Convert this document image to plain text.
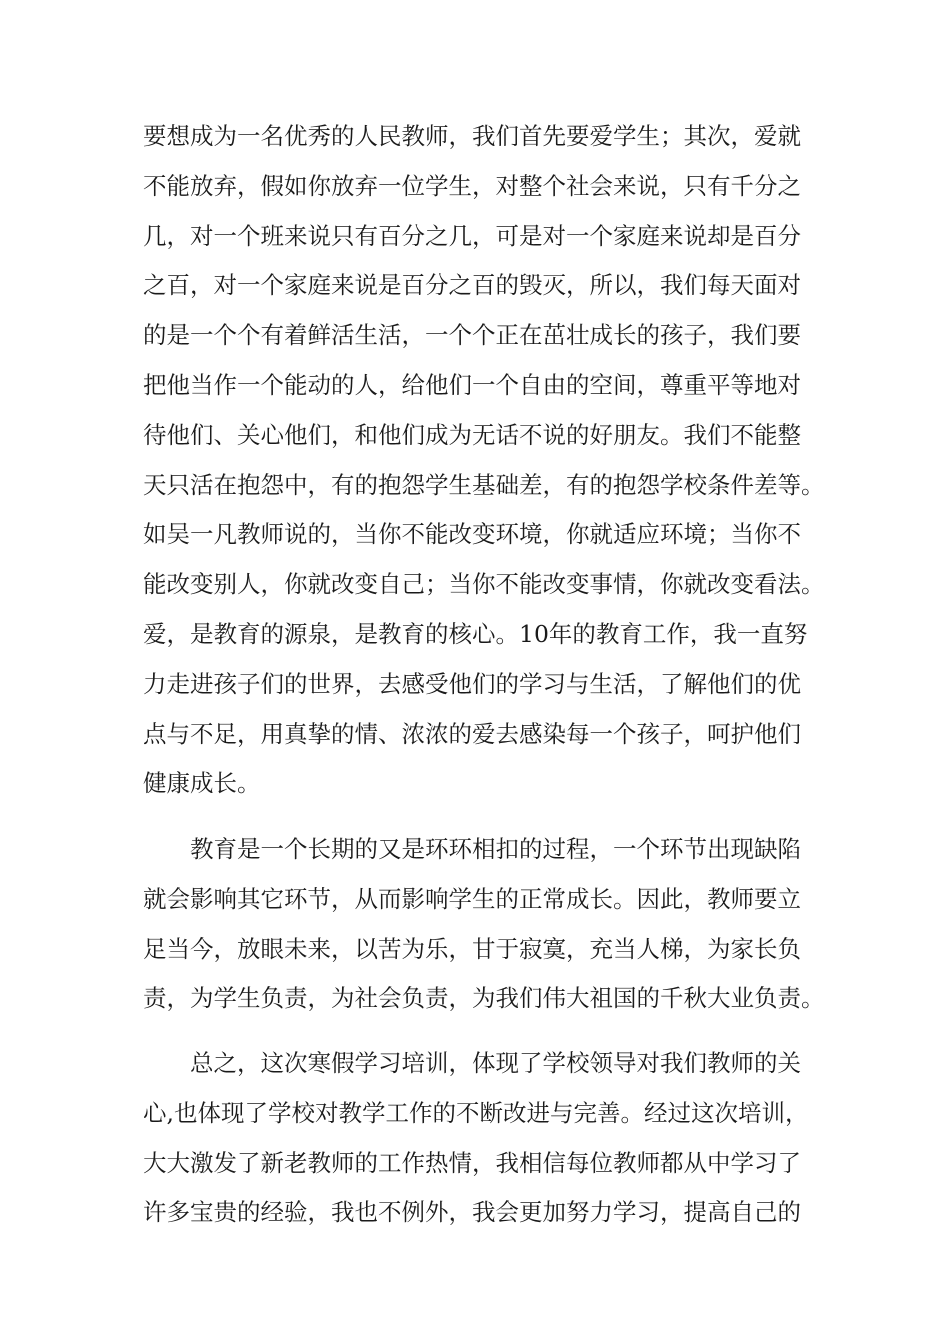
要想成为一名优秀的人民教师，我们首先要爱学生；其次，爱就
不能放弃，假如你放弃一位学生，对整个社会来说，只有千分之
几，对一个班来说只有百分之几，可是对一个家庭来说却是百分
之百，对一个家庭来说是百分之百的毁灭，所以，我们每天面对
的是一个个有着鲜活生活，一个个正在茁壮成长的孩子，我们要
把他当作一个能动的人，给他们一个自由的空间，尊重平等地对
待他们、关心他们，和他们成为无话不说的好朋友。我们不能整
天只活在抱怨中，有的抱怨学生基础差，有的抱怨学校条件差等。
如吴一凡教师说的，当你不能改变环境，你就适应环境；当你不
能改变别人，你就改变自己；当你不能改变事情，你就改变看法。
爱，是教育的源泉，是教育的核心。10年的教育工作，我一直努
力走进孩子们的世界，去感受他们的学习与生活，了解他们的优
点与不足，用真挚的情、浓浓的爱去感染每一个孩子，呵护他们
健康成长。
教育是一个长期的又是环环相扣的过程，一个环节出现缺陷
就会影响其它环节，从而影响学生的正常成长。因此，教师要立
足当今，放眼未来，以苦为乐，甘于寂寞，充当人梯，为家长负
责，为学生负责，为社会负责，为我们伟大祖国的千秋大业负责。
总之，这次寒假学习培训，体现了学校领导对我们教师的关
心,也体现了学校对教学工作的不断改进与完善。经过这次培训，
大大激发了新老教师的工作热情，我相信每位教师都从中学习了
许多宝贵的经验，我也不例外，我会更加努力学习，提高自己的
